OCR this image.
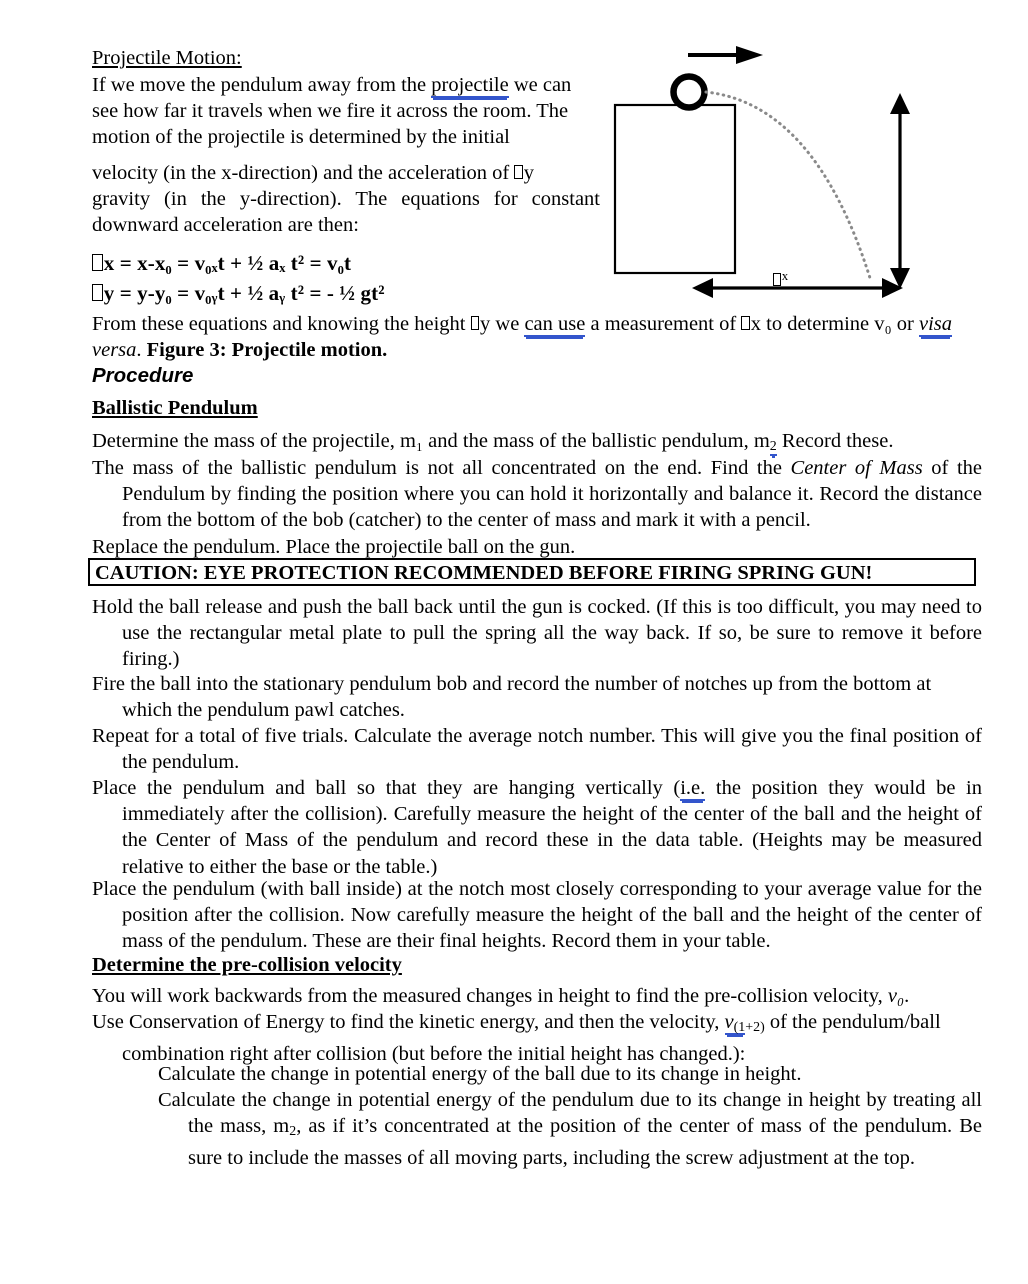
$^x$
Projectile Motion:
If we move the pendulum away from the projectile we can see how far it travels when we fire it across the room. The motion of the projectile is determined by the initial
velocity (in the x-direction) and the acceleration of y
gravity (in the y-direction). The equations for constant downward acceleration are then:
x = x-x₀ = v₀ₓt + ½ aₓ t² = v₀t
y = y-y₀ = v₀ᵧt + ½ aᵧ t² = - ½ gt²
From these equations and knowing the height y we can use a measurement of x to determine v₀ or visa versa. Figure 3: Projectile motion.
Procedure
Ballistic Pendulum
Determine the mass of the projectile, m₁ and the mass of the ballistic pendulum, $m_2$ Record these.
The mass of the ballistic pendulum is not all concentrated on the end. Find the Center of Mass of the Pendulum by finding the position where you can hold it horizontally and balance it. Record the distance from the bottom of the bob (catcher) to the center of mass and mark it with a pencil.
Replace the pendulum. Place the projectile ball on the gun.
CAUTION: EYE PROTECTION RECOMMENDED BEFORE FIRING SPRING GUN!
Hold the ball release and push the ball back until the gun is cocked. (If this is too difficult, you may need to use the rectangular metal plate to pull the spring all the way back. If so, be sure to remove it before firing.)
Fire the ball into the stationary pendulum bob and record the number of notches up from the bottom at which the pendulum pawl catches.
Repeat for a total of five trials. Calculate the average notch number. This will give you the final position of the pendulum.
Place the pendulum and ball so that they are hanging vertically (i.e. the position they would be in immediately after the collision). Carefully measure the height of the center of the ball and the height of the Center of Mass of the pendulum and record these in the data table. (Heights may be measured relative to either the base or the table.)
Place the pendulum (with ball inside) at the notch most closely corresponding to your average value for the position after the collision. Now carefully measure the height of the ball and the height of the center of mass of the pendulum. These are their final heights. Record them in your table.
Determine the pre-collision velocity
You will work backwards from the measured changes in height to find the pre-collision velocity, v₀.
Use Conservation of Energy to find the kinetic energy, and then the velocity, $v_{(1+2)}$ of the pendulum/ball combination right after collision (but before the initial height has changed.):
Calculate the change in potential energy of the ball due to its change in height.
Calculate the change in potential energy of the pendulum due to its change in height by treating all the mass, $m_2$, as if it’s concentrated at the position of the center of mass of the pendulum. Be sure to include the masses of all moving parts, including the screw adjustment at the top.
